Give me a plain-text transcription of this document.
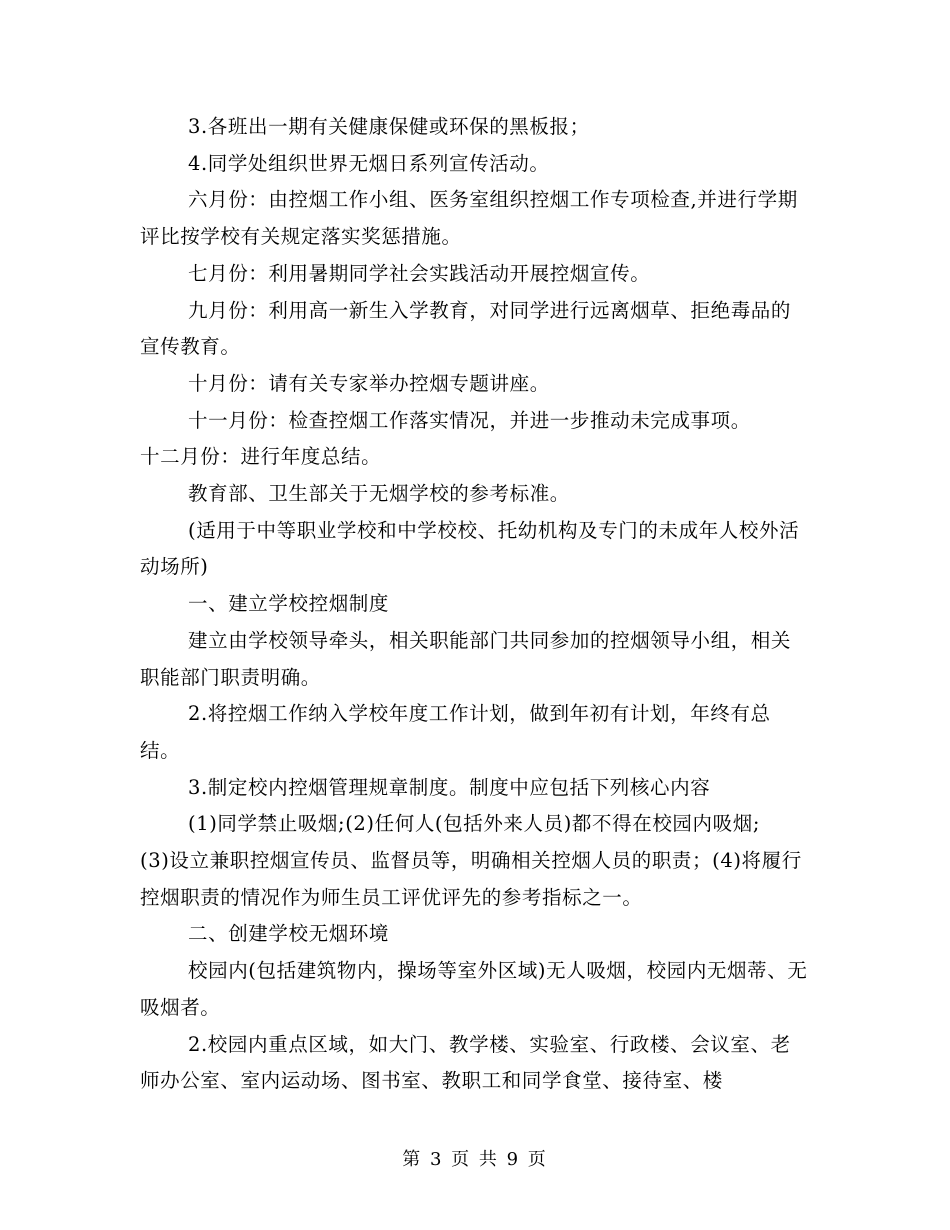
3.各班出一期有关健康保健或环保的黑板报；

4.同学处组织世界无烟日系列宣传活动。

六月份：由控烟工作小组、医务室组织控烟工作专项检查,并进行学期评比按学校有关规定落实奖惩措施。

七月份：利用暑期同学社会实践活动开展控烟宣传。

九月份：利用高一新生入学教育，对同学进行远离烟草、拒绝毒品的宣传教育。

十月份：请有关专家举办控烟专题讲座。

十一月份：检查控烟工作落实情况，并进一步推动未完成事项。

十二月份：进行年度总结。

教育部、卫生部关于无烟学校的参考标准。

(适用于中等职业学校和中学校校、托幼机构及专门的未成年人校外活动场所)

一、建立学校控烟制度

建立由学校领导牵头，相关职能部门共同参加的控烟领导小组，相关职能部门职责明确。

2.将控烟工作纳入学校年度工作计划，做到年初有计划，年终有总结。

3.制定校内控烟管理规章制度。制度中应包括下列核心内容

(1)同学禁止吸烟;(2)任何人(包括外来人员)都不得在校园内吸烟;

(3)设立兼职控烟宣传员、监督员等，明确相关控烟人员的职责；(4)将履行控烟职责的情况作为师生员工评优评先的参考指标之一。

二、创建学校无烟环境

校园内(包括建筑物内，操场等室外区域)无人吸烟，校园内无烟蒂、无吸烟者。

2.校园内重点区域，如大门、教学楼、实验室、行政楼、会议室、老师办公室、室内运动场、图书室、教职工和同学食堂、接待室、楼

第 3 页 共 9 页
